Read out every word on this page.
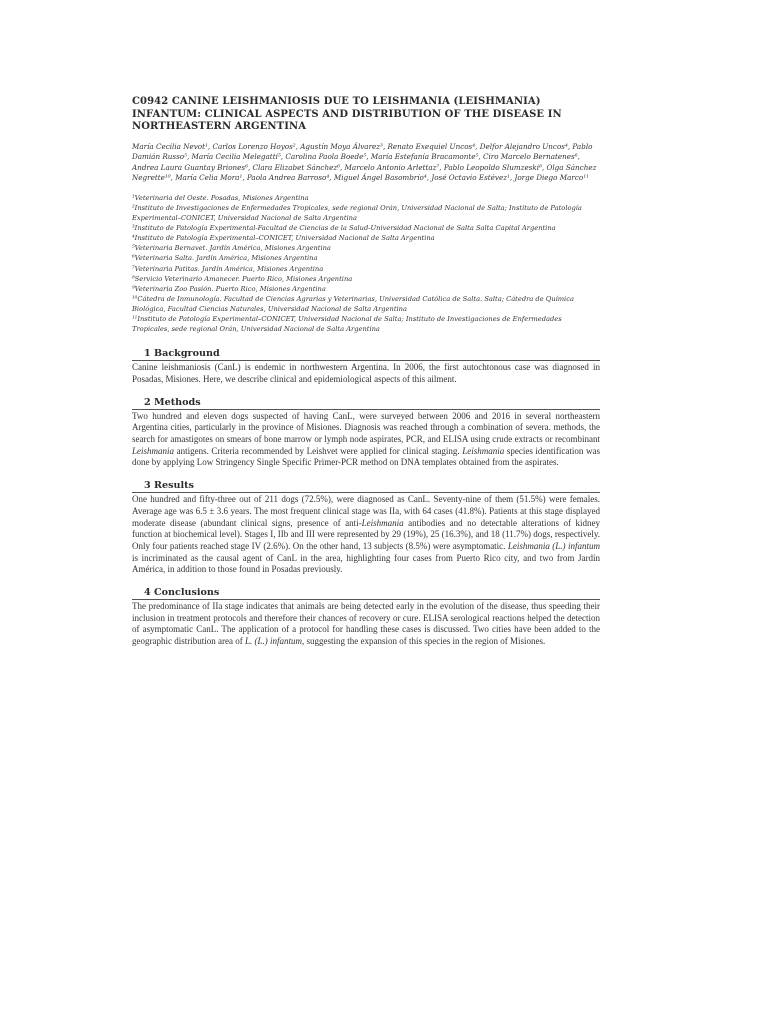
C0942 CANINE LEISHMANIOSIS DUE TO LEISHMANIA (LEISHMANIA) INFANTUM: CLINICAL ASPECTS AND DISTRIBUTION OF THE DISEASE IN NORTHEASTERN ARGENTINA
María Cecilia Nevot¹, Carlos Lorenzo Hoyos², Agustín Moya Álvarez³, Renato Exequiel Uncos⁴, Delfor Alejandro Uncos⁴, Pablo Damián Russo⁵, María Cecilia Melegatti⁵, Carolina Paola Boede⁵, María Estefanía Bracamonte⁵, Ciro Marcelo Bernatenes⁶, Andrea Laura Guantay Briones⁶, Clara Elizabet Sánchez⁶, Marcelo Antonio Arlettaz⁷, Pablo Leopoldo Slumzeski⁸, Olga Sánchez Negrette¹⁰, María Celia Mora¹, Paola Andrea Barroso⁴, Miguel Ángel Basombrío⁴, José Octavio Estévez¹, Jorge Diego Marco¹¹
¹Veterinaria del Oeste. Posadas, Misiones Argentina
²Instituto de Investigaciones de Enfermedades Tropicales, sede regional Orán, Universidad Nacional de Salta; Instituto de Patología Experimental–CONICET, Universidad Nacional de Salta Argentina
³Instituto de Patología Experimental-Facultad de Ciencias de la Salud-Universidad Nacional de Salta Salta Capital Argentina
⁴Instituto de Patología Experimental–CONICET, Universidad Nacional de Salta Argentina
⁵Veterinaria Bernavet. Jardín América, Misiones Argentina
⁶Veterinaria Salta. Jardín América, Misiones Argentina
⁷Veterinaria Patitas. Jardín América, Misiones Argentina
⁸Servicio Veterinario Amanecer. Puerto Rico, Misiones Argentina
⁹Veterinaria Zoo Pasión. Puerto Rico, Misiones Argentina
¹⁰Cátedra de Inmunología. Facultad de Ciencias Agrarias y Veterinarias, Universidad Católica de Salta. Salta; Cátedra de Química Biológica, Facultad Ciencias Naturales, Universidad Nacional de Salta Argentina
¹¹Instituto de Patología Experimental–CONICET, Universidad Nacional de Salta; Instituto de Investigaciones de Enfermedades Tropicales, sede regional Orán, Universidad Nacional de Salta Argentina
1 Background

Canine leishmaniosis (CanL) is endemic in northwestern Argentina. In 2006, the first autochtonous case was diagnosed in Posadas, Misiones. Here, we describe clinical and epidemiological aspects of this ailment.

2 Methods

Two hundred and eleven dogs suspected of having CanL, were surveyed between 2006 and 2016 in several northeastern Argentina cities, particularly in the province of Misiones. Diagnosis was reached through a combination of severa. methods, the search for amastigotes on smears of bone marrow or lymph node aspirates, PCR, and ELISA using crude extracts or recombinant Leishmania antigens. Criteria recommended by Leishvet were applied for clinical staging. Leishmania species identification was done by applying Low Stringency Single Specific Primer-PCR method on DNA templates obtained from the aspirates.

3 Results

One hundred and fifty-three out of 211 dogs (72.5%), were diagnosed as CanL. Seventy-nine of them (51.5%) were females. Average age was 6.5 ± 3.6 years. The most frequent clinical stage was IIa, with 64 cases (41.8%). Patients at this stage displayed moderate disease (abundant clinical signs, presence of anti-Leishmania antibodies and no detectable alterations of kidney function at biochemical level). Stages I, IIb and III were represented by 29 (19%), 25 (16.3%), and 18 (11.7%) dogs, respectively. Only four patients reached stage IV (2.6%). On the other hand, 13 subjects (8.5%) were asymptomatic. Leishmania (L.) infantum is incriminated as the causal agent of CanL in the area, highlighting four cases from Puerto Rico city, and two from Jardín América, in addition to those found in Posadas previously.

4 Conclusions

The predominance of IIa stage indicates that animals are being detected early in the evolution of the disease, thus speeding their inclusion in treatment protocols and therefore their chances of recovery or cure. ELISA serological reactions helped the detection of asymptomatic CanL. The application of a protocol for handling these cases is discussed. Two cities have been added to the geographic distribution area of L. (L.) infantum, suggesting the expansion of this species in the region of Misiones.
